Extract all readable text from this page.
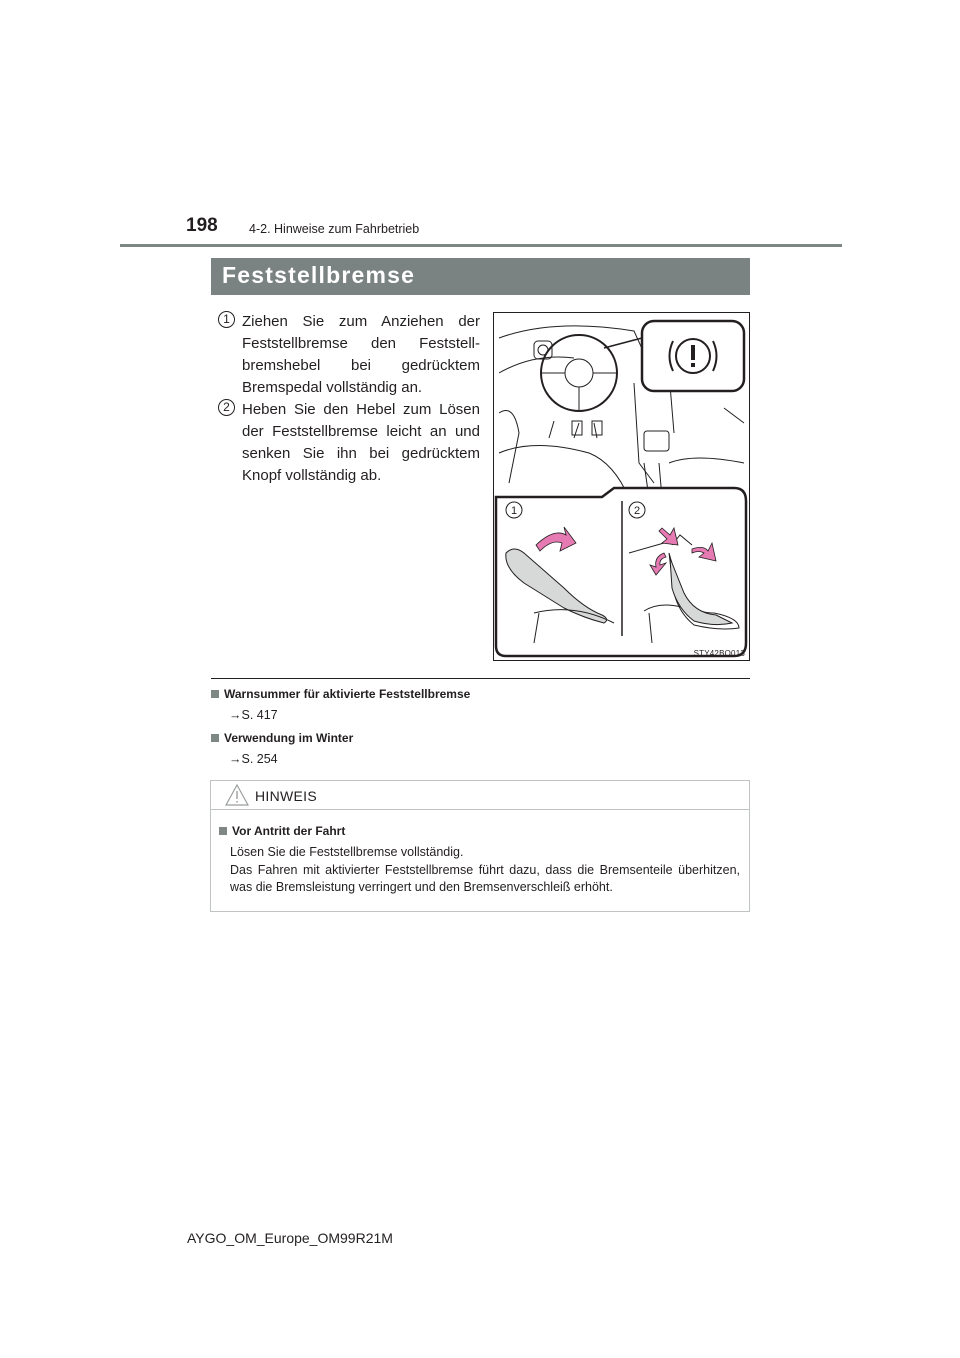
198	4-2. Hinweise zum Fahrbetrieb
Feststellbremse
1 Ziehen Sie zum Anziehen der Feststellbremse den Feststellbremshebel bei gedrücktem Bremspedal vollständig an.
2 Heben Sie den Hebel zum Lösen der Feststellbremse leicht an und senken Sie ihn bei gedrücktem Knopf vollständig ab.
1	2
STY42BO013
Warnsummer für aktivierte Feststellbremse
→S. 417
Verwendung im Winter
→S. 254
HINWEIS
Vor Antritt der Fahrt
Lösen Sie die Feststellbremse vollständig.
Das Fahren mit aktivierter Feststellbremse führt dazu, dass die Bremsenteile überhitzen, was die Bremsleistung verringert und den Bremsenverschleiß erhöht.
AYGO_OM_Europe_OM99R21M
